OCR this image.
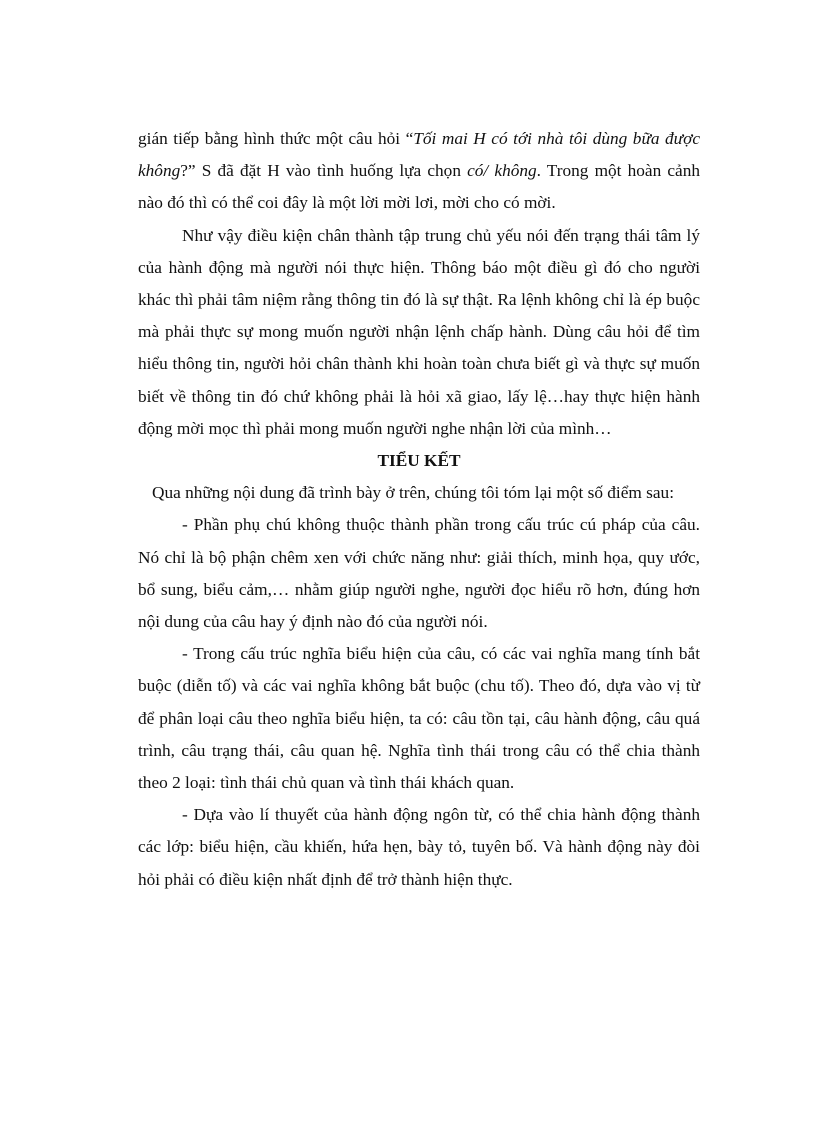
gián tiếp bằng hình thức một câu hỏi “Tối mai H có tới nhà tôi dùng bữa được không?” S đã đặt H vào tình huống lựa chọn có/ không. Trong một hoàn cảnh nào đó thì có thể coi đây là một lời mời lơi, mời cho có mời.

Như vậy điều kiện chân thành tập trung chủ yếu nói đến trạng thái tâm lý của hành động mà người nói thực hiện. Thông báo một điều gì đó cho người khác thì phải tâm niệm rằng thông tin đó là sự thật. Ra lệnh không chỉ là ép buộc mà phải thực sự mong muốn người nhận lệnh chấp hành. Dùng câu hỏi để tìm hiểu thông tin, người hỏi chân thành khi hoàn toàn chưa biết gì và thực sự muốn biết về thông tin đó chứ không phải là hỏi xã giao, lấy lệ…hay thực hiện hành động mời mọc thì phải mong muốn người nghe nhận lời của mình…

TIỂU KẾT

Qua những nội dung đã trình bày ở trên, chúng tôi tóm lại một số điểm sau:

- Phần phụ chú không thuộc thành phần trong cấu trúc cú pháp của câu. Nó chỉ là bộ phận chêm xen với chức năng như: giải thích, minh họa, quy ước, bổ sung, biểu cảm,… nhằm giúp người nghe, người đọc hiểu rõ hơn, đúng hơn nội dung của câu hay ý định nào đó của người nói.

- Trong cấu trúc nghĩa biểu hiện của câu, có các vai nghĩa mang tính bắt buộc (diễn tố) và các vai nghĩa không bắt buộc (chu tố). Theo đó, dựa vào vị từ để phân loại câu theo nghĩa biểu hiện, ta có: câu tồn tại, câu hành động, câu quá trình, câu trạng thái, câu quan hệ. Nghĩa tình thái trong câu có thể chia thành theo 2 loại: tình thái chủ quan và tình thái khách quan.

- Dựa vào lí thuyết của hành động ngôn từ, có thể chia hành động thành các lớp: biểu hiện, cầu khiến, hứa hẹn, bày tỏ, tuyên bố. Và hành động này đòi hỏi phải có điều kiện nhất định để trở thành hiện thực.
